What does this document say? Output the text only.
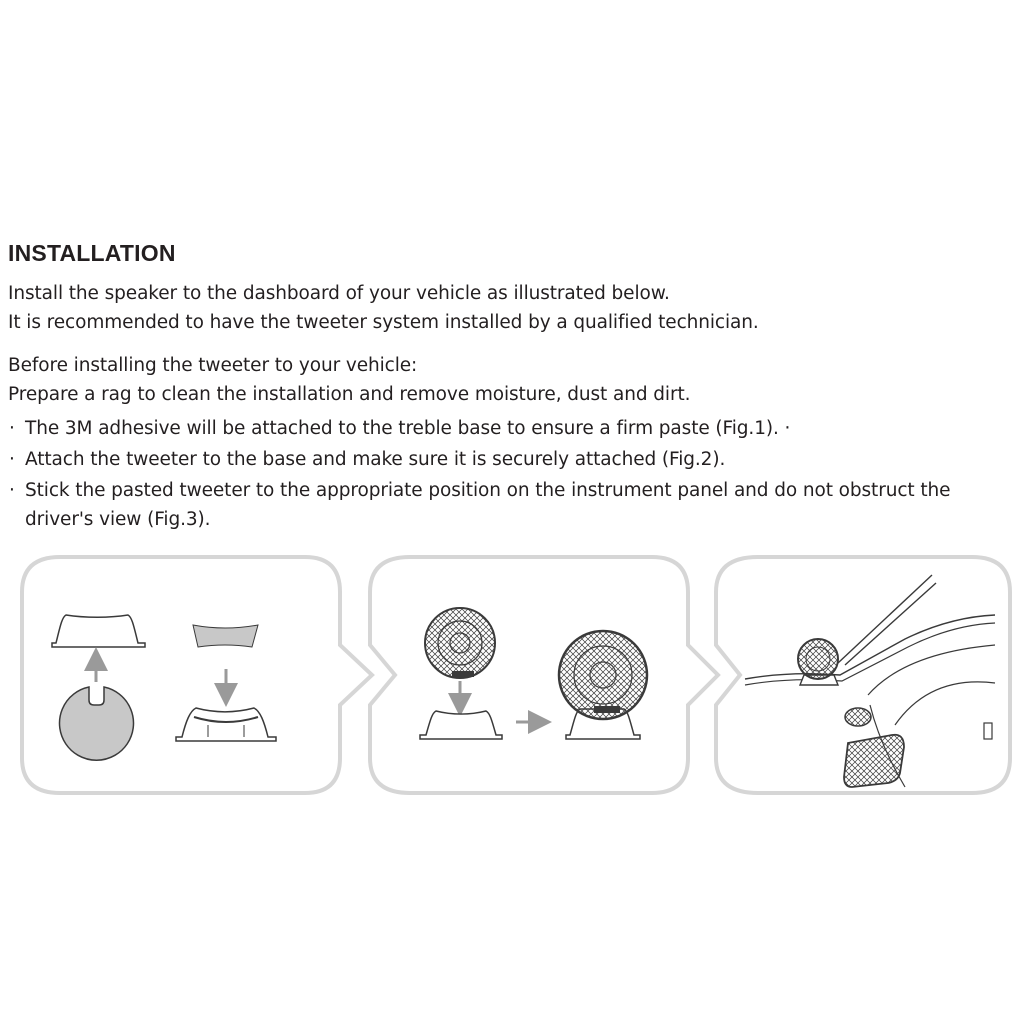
INSTALLATION

Install the speaker to the dashboard of your vehicle as illustrated below.
It is recommended to have the tweeter system installed by a qualified technician.

Before installing the tweeter to your vehicle:
Prepare a rag to clean the installation and remove moisture, dust and dirt.

· The 3M adhesive will be attached to the treble base to ensure a firm paste (Fig.1). ·
· Attach the tweeter to the base and make sure it is securely attached (Fig.2).
· Stick the pasted tweeter to the appropriate position on the instrument panel and do not obstruct the driver's view (Fig.3).
